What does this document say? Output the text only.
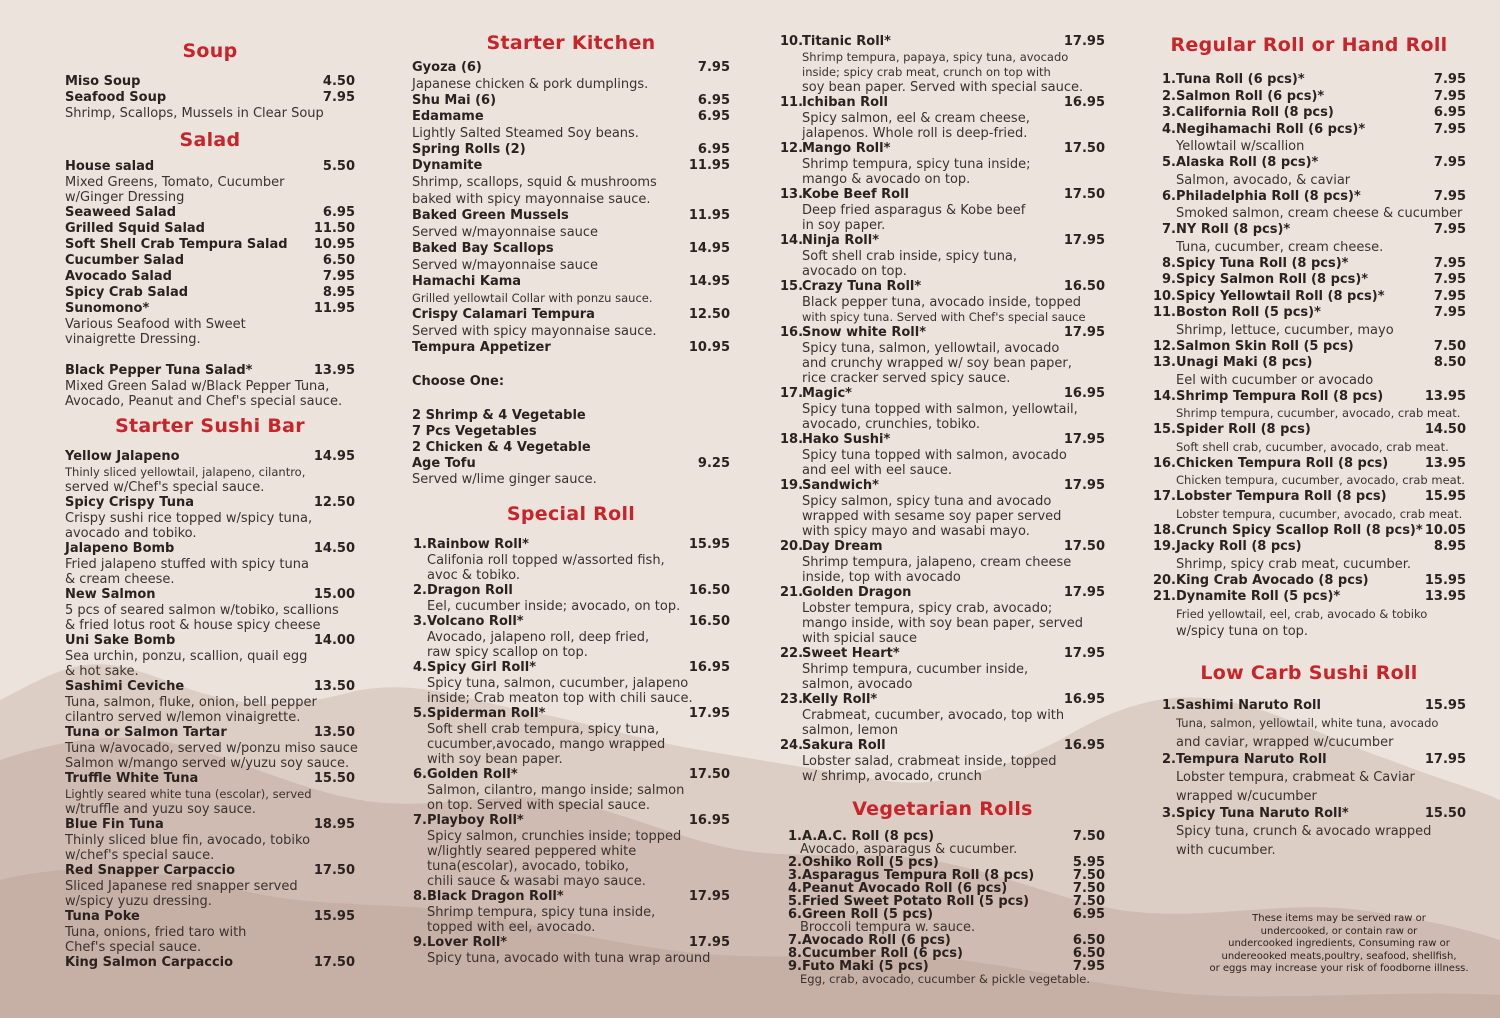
Soup
Miso Soup	4.50
Seafood Soup	7.95
Shrimp, Scallops, Mussels in Clear Soup
Salad
House salad	5.50
Mixed Greens, Tomato, Cucumber
w/Ginger Dressing
Seaweed Salad	6.95
Grilled Squid Salad	11.50
Soft Shell Crab Tempura Salad 10.95
Cucumber Salad	6.50
Avocado Salad	7.95
Spicy Crab Salad	8.95
Sunomono*	11.95
Various Seafood with Sweet
vinaigrette Dressing.
Black Pepper Tuna Salad*	13.95
Mixed Green Salad w/Black Pepper Tuna,
Avocado, Peanut and Chef's special sauce.
Starter Sushi Bar
Yellow Jalapeno	14.95
Thinly sliced yellowtail, jalapeno, cilantro,
served w/Chef's special sauce.
Spicy Crispy Tuna	12.50
Crispy sushi rice topped w/spicy tuna,
avocado and tobiko.
Jalapeno Bomb	14.50
Fried jalapeno stuffed with spicy tuna
& cream cheese.
New Salmon	15.00
5 pcs of seared salmon w/tobiko, scallions
& fried lotus root & house spicy cheese
Uni Sake Bomb	14.00
Sea urchin, ponzu, scallion, quail egg
& hot sake.
Sashimi Ceviche	13.50
Tuna, salmon, fluke, onion, bell pepper
cilantro served w/lemon vinaigrette.
Tuna or Salmon Tartar	13.50
Tuna w/avocado, served w/ponzu miso sauce
Salmon w/mango served w/yuzu soy sauce.
Truffle White Tuna	15.50
Lightly seared white tuna (escolar), served
w/truffle and yuzu soy sauce.
Blue Fin Tuna	18.95
Thinly sliced blue fin, avocado, tobiko
w/chef's special sauce.
Red Snapper Carpaccio	17.50
Sliced Japanese red snapper served
w/spicy yuzu dressing.
Tuna Poke	15.95
Tuna, onions, fried taro with
Chef's special sauce.
King Salmon Carpaccio	17.50
Starter Kitchen
Gyoza (6)	7.95
Japanese chicken & pork dumplings.
Shu Mai (6)	6.95
Edamame	6.95
Lightly Salted Steamed Soy beans.
Spring Rolls (2)	6.95
Dynamite	11.95
Shrimp, scallops, squid & mushrooms
baked with spicy mayonnaise sauce.
Baked Green Mussels	11.95
Served w/mayonnaise sauce
Baked Bay Scallops	14.95
Served w/mayonnaise sauce
Hamachi Kama	14.95
Grilled yellowtail Collar with ponzu sauce.
Crispy Calamari Tempura	12.50
Served with spicy mayonnaise sauce.
Tempura Appetizer	10.95
Choose One:
2 Shrimp & 4 Vegetable
7 Pcs Vegetables
2 Chicken & 4 Vegetable
Age Tofu	9.25
Served w/lime ginger sauce.
Special Roll
1.Rainbow Roll*	15.95
Califonia roll topped w/assorted fish,
avoc & tobiko.
2.Dragon Roll	16.50
Eel, cucumber inside; avocado, on top.
3.Volcano Roll*	16.50
Avocado, jalapeno roll, deep fried,
raw spicy scallop on top.
4.Spicy Girl Roll*	16.95
Spicy tuna, salmon, cucumber, jalapeno
inside; Crab meaton top with chili sauce.
5.Spiderman Roll*	17.95
Soft shell crab tempura, spicy tuna,
cucumber,avocado, mango wrapped
with soy bean paper.
6.Golden Roll*	17.50
Salmon, cilantro, mango inside; salmon
on top. Served with special sauce.
7.Playboy Roll*	16.95
Spicy salmon, crunchies inside; topped
w/lightly seared peppered white
tuna(escolar), avocado, tobiko,
chili sauce & wasabi mayo sauce.
8.Black Dragon Roll*	17.95
Shrimp tempura, spicy tuna inside,
topped with eel, avocado.
9.Lover Roll*	17.95
Spicy tuna, avocado with tuna wrap around
10.Titanic Roll*	17.95
Shrimp tempura, papaya, spicy tuna, avocado
inside; spicy crab meat, crunch on top with
soy bean paper. Served with special sauce.
11.Ichiban Roll	16.95
Spicy salmon, eel & cream cheese,
jalapenos. Whole roll is deep-fried.
12.Mango Roll*	17.50
Shrimp tempura, spicy tuna inside;
mango & avocado on top.
13.Kobe Beef Roll	17.50
Deep fried asparagus & Kobe beef
in soy paper.
14.Ninja Roll*	17.95
Soft shell crab inside, spicy tuna,
avocado on top.
15.Crazy Tuna Roll*	16.50
Black pepper tuna, avocado inside, topped
with spicy tuna. Served with Chef's special sauce
16.Snow white Roll*	17.95
Spicy tuna, salmon, yellowtail, avocado
and crunchy wrapped w/ soy bean paper,
rice cracker served spicy sauce.
17.Magic*	16.95
Spicy tuna topped with salmon, yellowtail,
avocado, crunchies, tobiko.
18.Hako Sushi*	17.95
Spicy tuna topped with salmon, avocado
and eel with eel sauce.
19.Sandwich*	17.95
Spicy salmon, spicy tuna and avocado
wrapped with sesame soy paper served
with spicy mayo and wasabi mayo.
20.Day Dream	17.50
Shrimp tempura, jalapeno, cream cheese
inside, top with avocado
21.Golden Dragon	17.95
Lobster tempura, spicy crab, avocado;
mango inside, with soy bean paper, served
with spicial sauce
22.Sweet Heart*	17.95
Shrimp tempura, cucumber inside,
salmon, avocado
23.Kelly Roll*	16.95
Crabmeat, cucumber, avocado, top with
salmon, lemon
24.Sakura Roll	16.95
Lobster salad, crabmeat inside, topped
w/ shrimp, avocado, crunch
Vegetarian Rolls
1.A.A.C. Roll (8 pcs)	7.50
Avocado, asparagus & cucumber.
2.Oshiko Roll (5 pcs)	5.95
3.Asparagus Tempura Roll (8 pcs)	7.50
4.Peanut Avocado Roll (6 pcs)	7.50
5.Fried Sweet Potato Roll (5 pcs)	7.50
6.Green Roll (5 pcs)	6.95
Broccoli tempura w. sauce.
7.Avocado Roll (6 pcs)	6.50
8.Cucumber Roll (6 pcs)	6.50
9.Futo Maki (5 pcs)	7.95
Egg, crab, avocado, cucumber & pickle vegetable.
Regular Roll or Hand Roll
1.Tuna Roll (6 pcs)*	7.95
2.Salmon Roll (6 pcs)*	7.95
3.California Roll (8 pcs)	6.95
4.Negihamachi Roll (6 pcs)*	7.95
Yellowtail w/scallion
5.Alaska Roll (8 pcs)*	7.95
Salmon, avocado, & caviar
6.Philadelphia Roll (8 pcs)*	7.95
Smoked salmon, cream cheese & cucumber
7.NY Roll (8 pcs)*	7.95
Tuna, cucumber, cream cheese.
8.Spicy Tuna Roll (8 pcs)*	7.95
9.Spicy Salmon Roll (8 pcs)*	7.95
10.Spicy Yellowtail Roll (8 pcs)*	7.95
11.Boston Roll (5 pcs)*	7.95
Shrimp, lettuce, cucumber, mayo
12.Salmon Skin Roll (5 pcs)	7.50
13.Unagi Maki (8 pcs)	8.50
Eel with cucumber or avocado
14.Shrimp Tempura Roll (8 pcs)	13.95
Shrimp tempura, cucumber, avocado, crab meat.
15.Spider Roll (8 pcs)	14.50
Soft shell crab, cucumber, avocado, crab meat.
16.Chicken Tempura Roll (8 pcs)	13.95
Chicken tempura, cucumber, avocado, crab meat.
17.Lobster Tempura Roll (8 pcs)	15.95
Lobster tempura, cucumber, avocado, crab meat.
18.Crunch Spicy Scallop Roll (8 pcs)* 10.05
19.Jacky Roll (8 pcs)	8.95
Shrimp, spicy crab meat, cucumber.
20.King Crab Avocado (8 pcs)	15.95
21.Dynamite Roll (5 pcs)*	13.95
Fried yellowtail, eel, crab, avocado & tobiko
w/spicy tuna on top.
Low Carb Sushi Roll
1.Sashimi Naruto Roll	15.95
Tuna, salmon, yellowtail, white tuna, avocado
and caviar, wrapped w/cucumber
2.Tempura Naruto Roll	17.95
Lobster tempura, crabmeat & Caviar
wrapped w/cucumber
3.Spicy Tuna Naruto Roll*	15.50
Spicy tuna, crunch & avocado wrapped
with cucumber.
These items may be served raw or
undercooked, or contain raw or
undercooked ingredients, Consuming raw or
undereooked meats,poultry, seafood, shellfish,
or eggs may increase your risk of foodborne illness.
